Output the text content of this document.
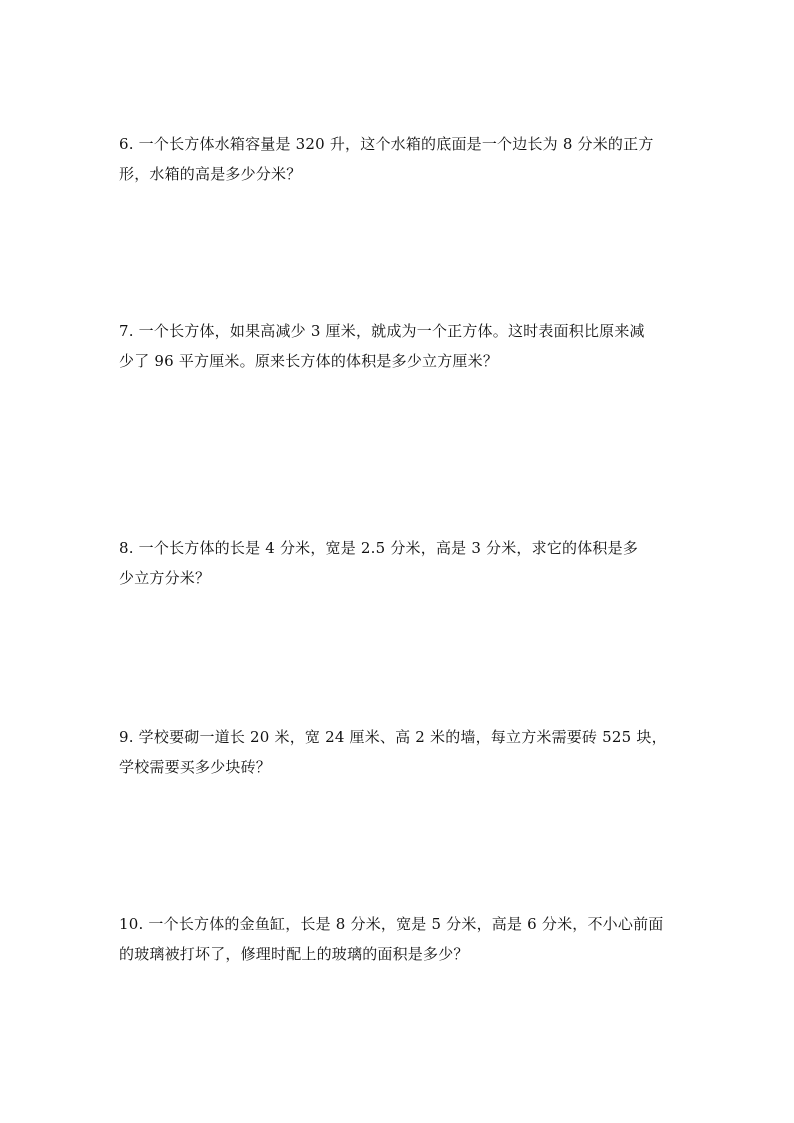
6. 一个长方体水箱容量是 320 升，这个水箱的底面是一个边长为 8 分米的正方
形，水箱的高是多少分米？
7. 一个长方体，如果高减少 3 厘米，就成为一个正方体。这时表面积比原来减
少了 96 平方厘米。原来长方体的体积是多少立方厘米？
8. 一个长方体的长是 4 分米，宽是 2.5 分米，高是 3 分米，求它的体积是多
少立方分米？
9. 学校要砌一道长 20 米，宽 24 厘米、高 2 米的墙，每立方米需要砖 525 块，
学校需要买多少块砖？
10. 一个长方体的金鱼缸，长是 8 分米，宽是 5 分米，高是 6 分米，不小心前面
的玻璃被打坏了，修理时配上的玻璃的面积是多少？
